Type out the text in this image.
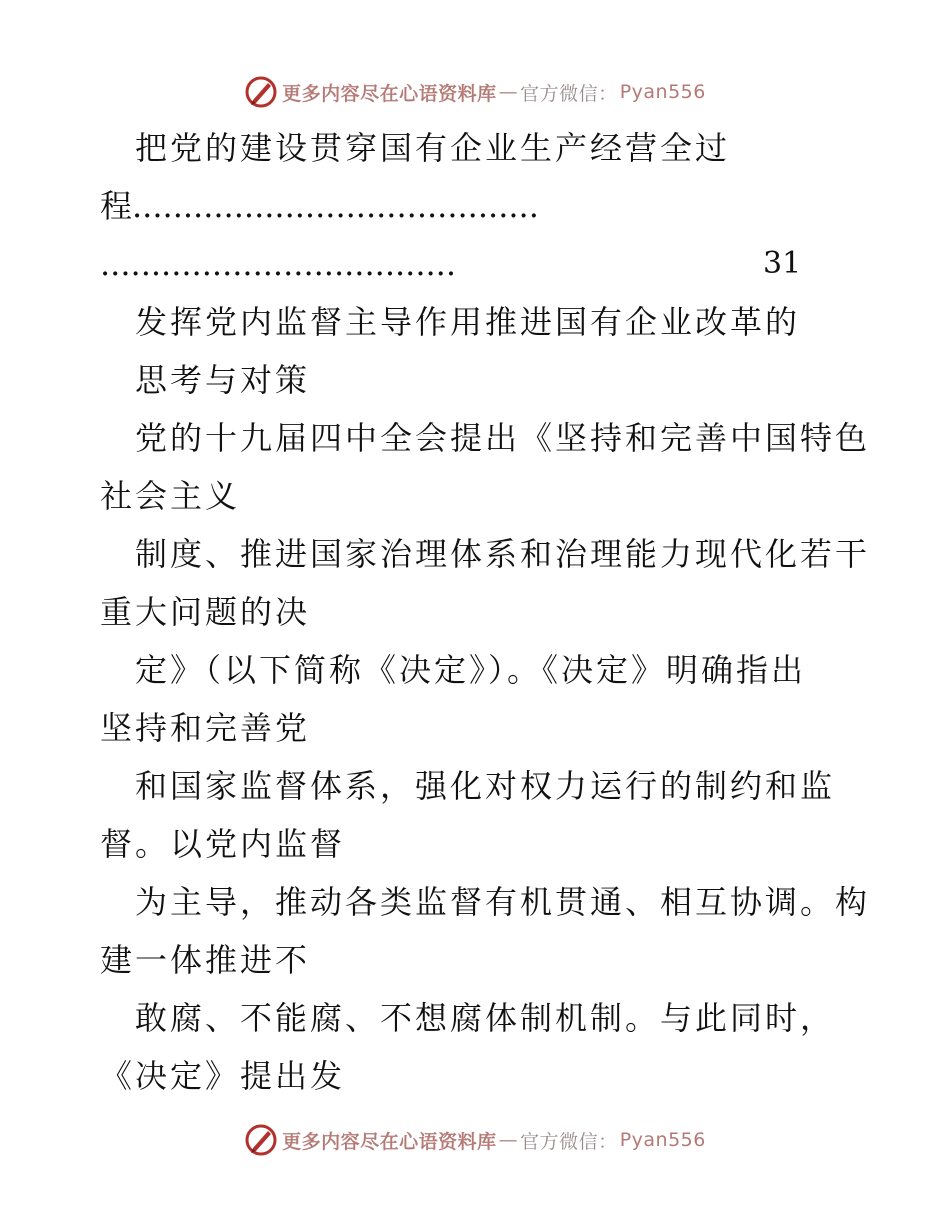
更多内容尽在心语资料库 — 官方微信： Pyan556
把党的建设贯穿国有企业生产经营全过
程
........................................
...................................	31
发挥党内监督主导作用推进国有企业改革的
思考与对策
党的十九届四中全会提出《坚持和完善中国特色
社会主义
制度、推进国家治理体系和治理能力现代化若干
重大问题的决
定》（以下简称《决定》）。《决定》明确指出
坚持和完善党
和国家监督体系，强化对权力运行的制约和监
督。以党内监督
为主导，推动各类监督有机贯通、相互协调。构
建一体推进不
敢腐、不能腐、不想腐体制机制。与此同时，
《决定》提出发
更多内容尽在心语资料库 — 官方微信： Pyan556
